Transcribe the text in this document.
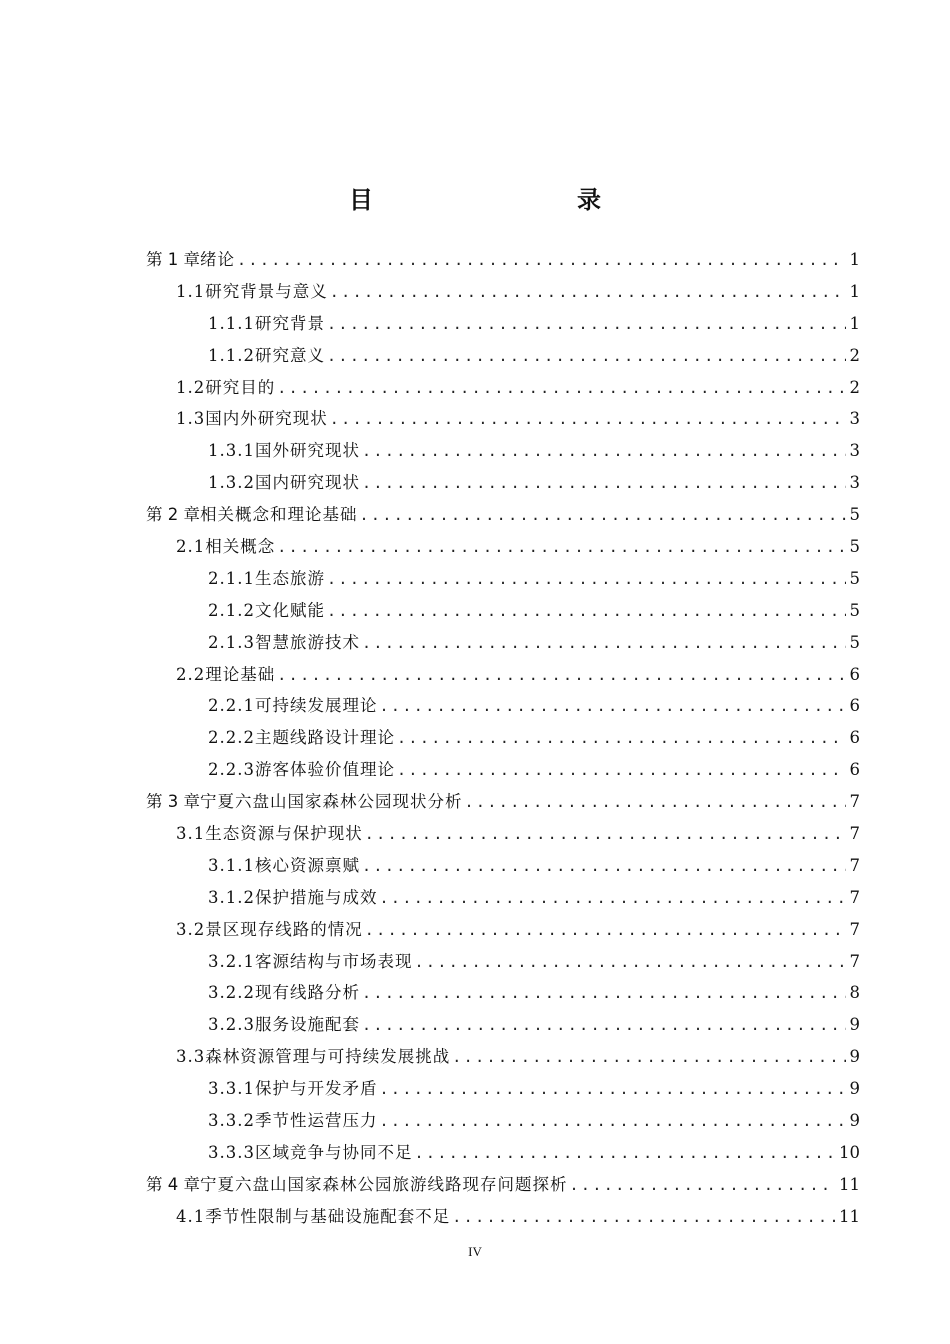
目　　录
第 1 章 绪论 .....	1
1.1 研究背景与意义 .....	1
1.1.1 研究背景 .....	1
1.1.2 研究意义 .....	2
1.2 研究目的 .....	2
1.3 国内外研究现状 .....	3
1.3.1 国外研究现状 .....	3
1.3.2 国内研究现状 .....	3
第 2 章 相关概念和理论基础 .....	5
2.1 相关概念 .....	5
2.1.1 生态旅游 .....	5
2.1.2 文化赋能 .....	5
2.1.3 智慧旅游技术 .....	5
2.2 理论基础 .....	6
2.2.1 可持续发展理论 .....	6
2.2.2 主题线路设计理论 .....	6
2.2.3 游客体验价值理论 .....	6
第 3 章 宁夏六盘山国家森林公园现状分析 .....	7
3.1 生态资源与保护现状 .....	7
3.1.1 核心资源禀赋 .....	7
3.1.2 保护措施与成效 .....	7
3.2 景区现存线路的情况 .....	7
3.2.1 客源结构与市场表现 .....	7
3.2.2 现有线路分析 .....	8
3.2.3 服务设施配套 .....	9
3.3 森林资源管理与可持续发展挑战 .....	9
3.3.1 保护与开发矛盾 .....	9
3.3.2 季节性运营压力 .....	9
3.3.3 区域竞争与协同不足 .....	10
第 4 章 宁夏六盘山国家森林公园旅游线路现存问题探析 .....	11
4.1 季节性限制与基础设施配套不足 .....	11
IV
